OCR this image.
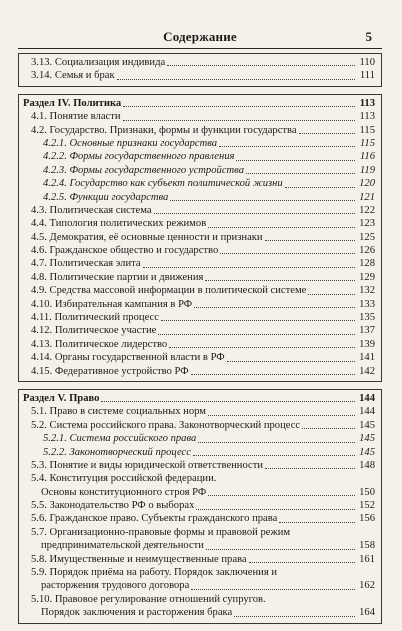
Содержание	5
3.13. Социализация индивида	110
3.14. Семья и брак	111
Раздел IV. Политика	113
4.1. Понятие власти	113
4.2. Государство. Признаки, формы и функции государства	115
4.2.1. Основные признаки государства	115
4.2.2. Формы государственного правления	116
4.2.3. Формы государственного устройства	119
4.2.4. Государство как субъект политической жизни	120
4.2.5. Функции государства	121
4.3. Политическая система	122
4.4. Типология политических режимов	123
4.5. Демократия, её основные ценности и признаки	125
4.6. Гражданское общество и государство	126
4.7. Политическая элита	128
4.8. Политические партии и движения	129
4.9. Средства массовой информации в политической системе	132
4.10. Избирательная кампания в РФ	133
4.11. Политический процесс	135
4.12. Политическое участие	137
4.13. Политическое лидерство	139
4.14. Органы государственной власти в РФ	141
4.15. Федеративное устройство РФ	142
Раздел V. Право	144
5.1. Право в системе социальных норм	144
5.2. Система российского права. Законотворческий процесс	145
5.2.1. Система российского права	145
5.2.2. Законотворческий процесс	145
5.3. Понятие и виды юридической ответственности	148
5.4. Конституция российской федерации.
Основы конституционного строя РФ	150
5.5. Законодательство РФ о выборах	152
5.6. Гражданское право. Субъекты гражданского права	156
5.7. Организационно-правовые формы и правовой режим
предпринимательской деятельности	158
5.8. Имущественные и неимущественные права	161
5.9. Порядок приёма на работу. Порядок заключения и
расторжения трудового договора	162
5.10. Правовое регулирование отношений супругов.
Порядок заключения и расторжения брака	164
